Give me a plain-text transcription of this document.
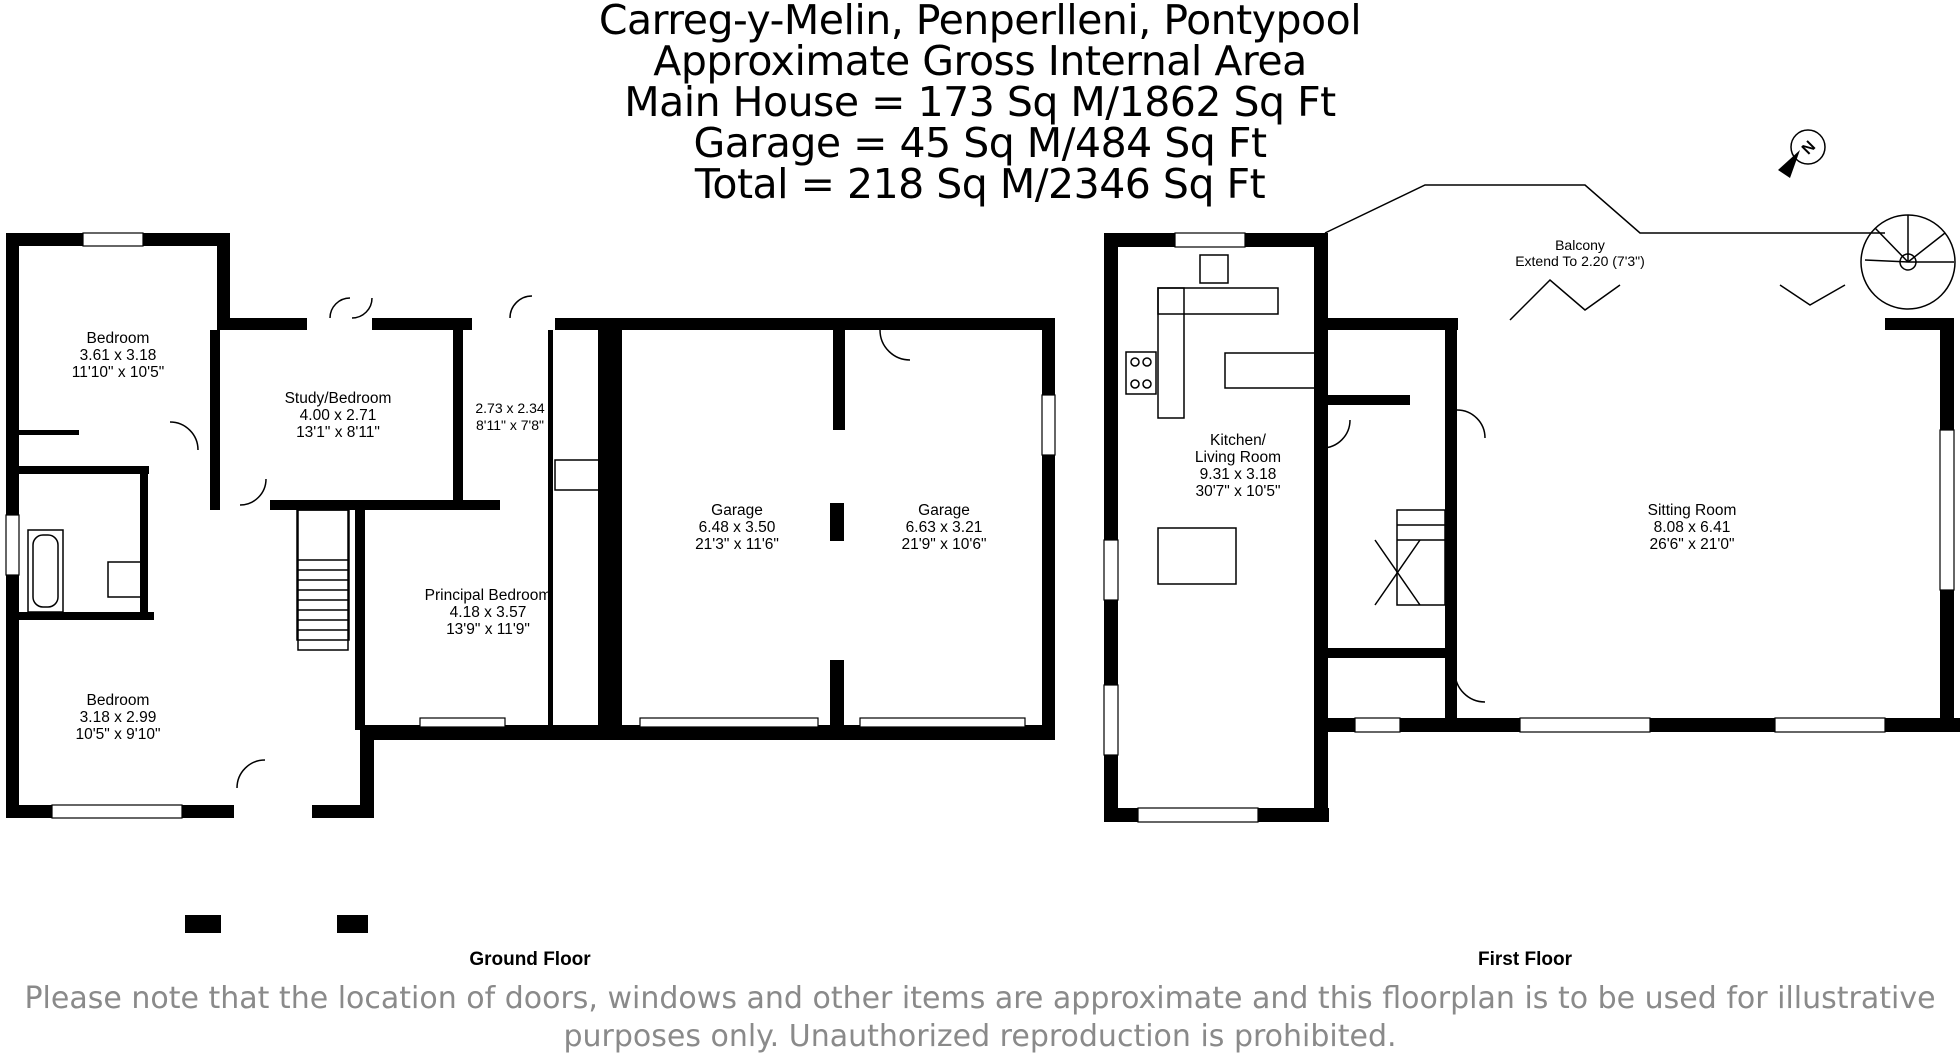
Carreg-y-Melin, Penperlleni, Pontypool
Approximate Gross Internal Area
Main House = 173 Sq M/1862 Sq Ft
Garage = 45 Sq M/484 Sq Ft
Total = 218 Sq M/2346 Sq Ft
Bedroom
3.61 x 3.18
11'10" x 10'5"
Study/Bedroom
4.00 x 2.71
13'1" x 8'11"
2.73 x 2.34
8'11" x 7'8"
Principal Bedroom
4.18 x 3.57
13'9" x 11'9"
Bedroom
3.18 x 2.99
10'5" x 9'10"
Garage
6.48 x 3.50
21'3" x 11'6"
Garage
6.63 x 3.21
21'9" x 10'6"
Ground Floor
N
Balcony
Extend To 2.20 (7'3")
Kitchen/
Living Room
9.31 x 3.18
30'7" x 10'5"
Sitting Room
8.08 x 6.41
26'6" x 21'0"
First Floor
Please note that the location of doors, windows and other items are approximate and this floorplan is to be used for illustrative
purposes only. Unauthorized reproduction is prohibited.
